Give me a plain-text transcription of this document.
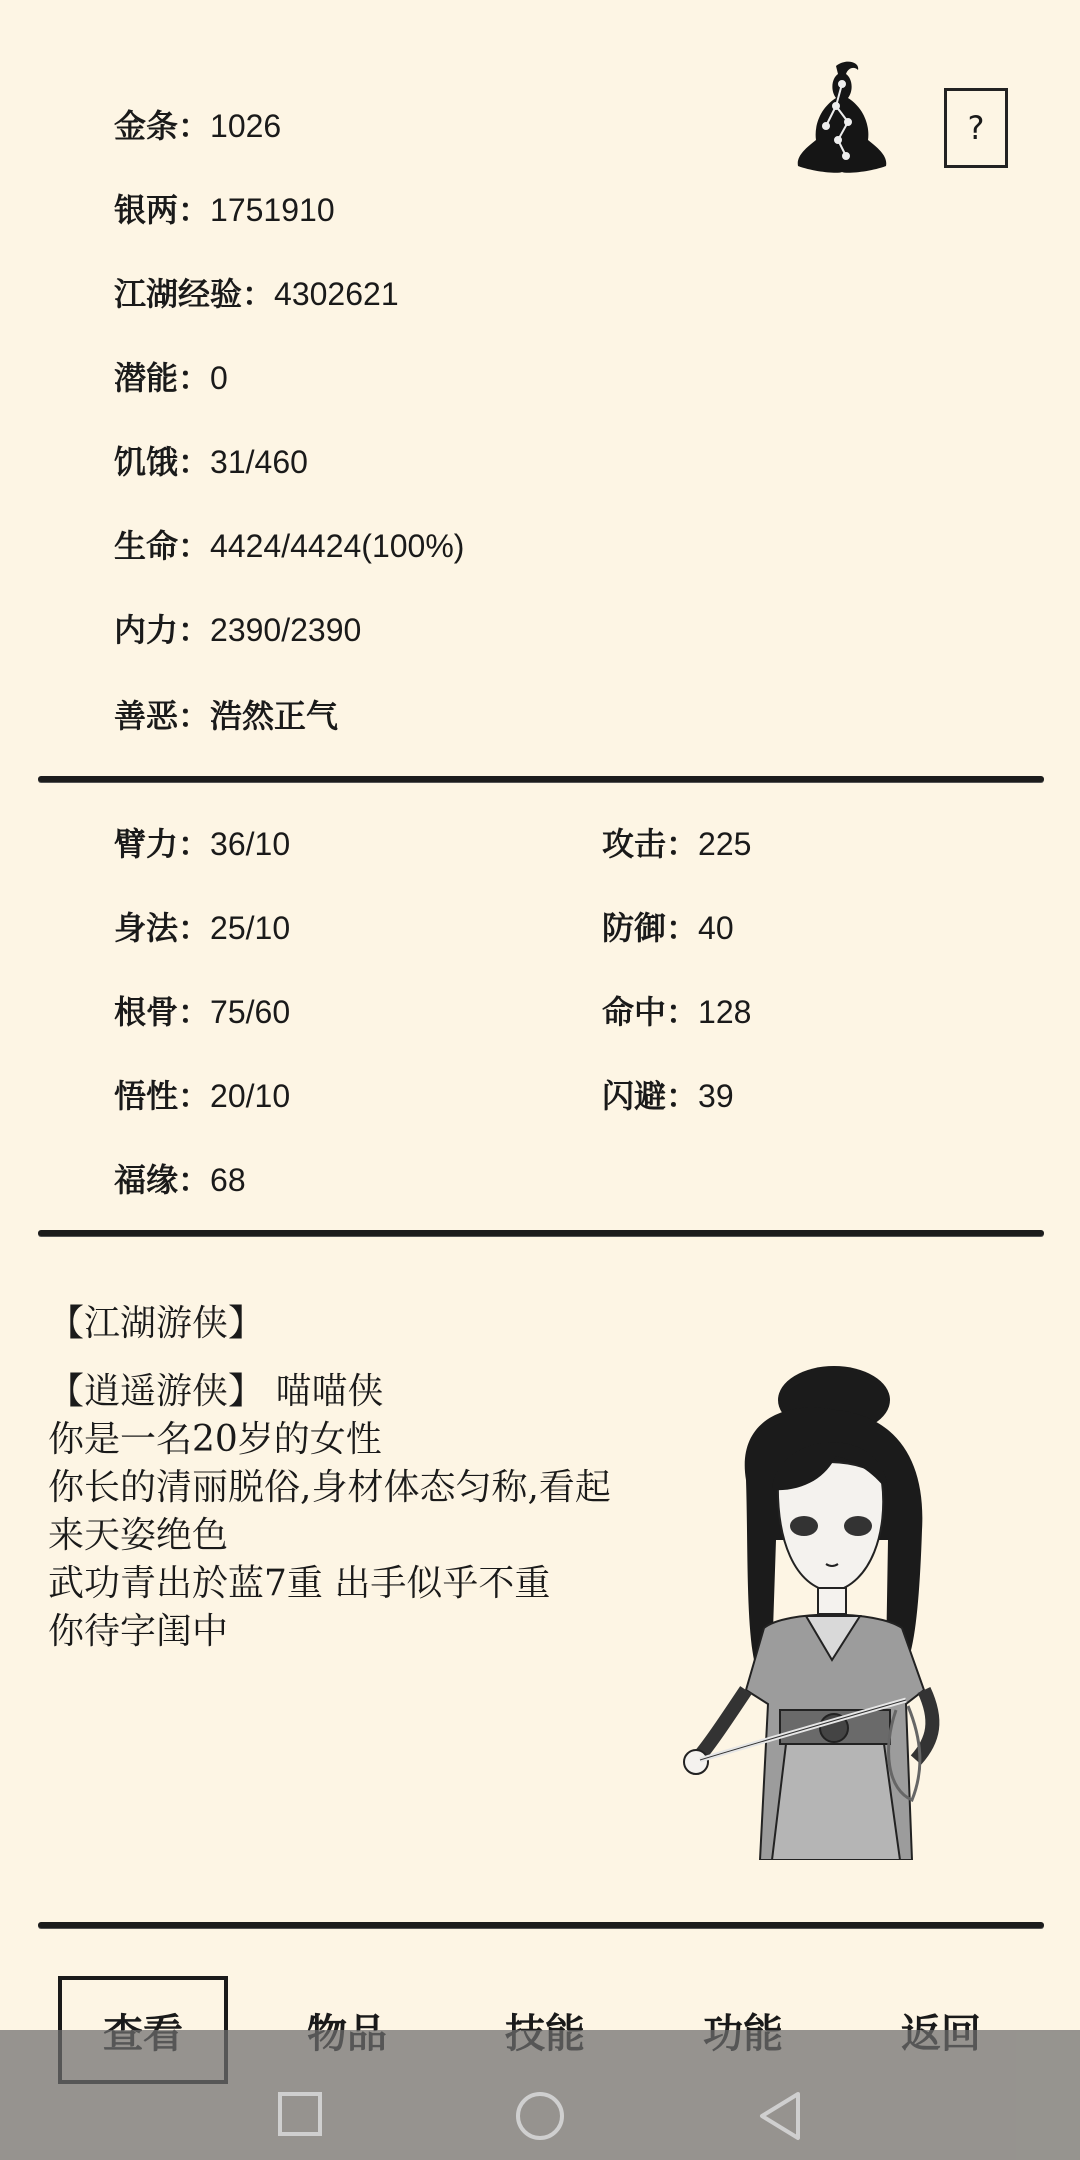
金条：1026
银两：1751910
江湖经验：4302621
潜能：0
饥饿：31/460
生命：4424/4424(100%)
内力：2390/2390
善恶：浩然正气
?
臂力：36/10
身法：25/10
根骨：75/60
悟性：20/10
福缘：68
攻击：225
防御：40
命中：128
闪避：39
【江湖游侠】
【逍遥游侠】 喵喵侠
你是一名20岁的女性
你长的清丽脱俗,身材体态匀称,看起
来天姿绝色
武功青出於蓝7重 出手似乎不重
你待字闺中
